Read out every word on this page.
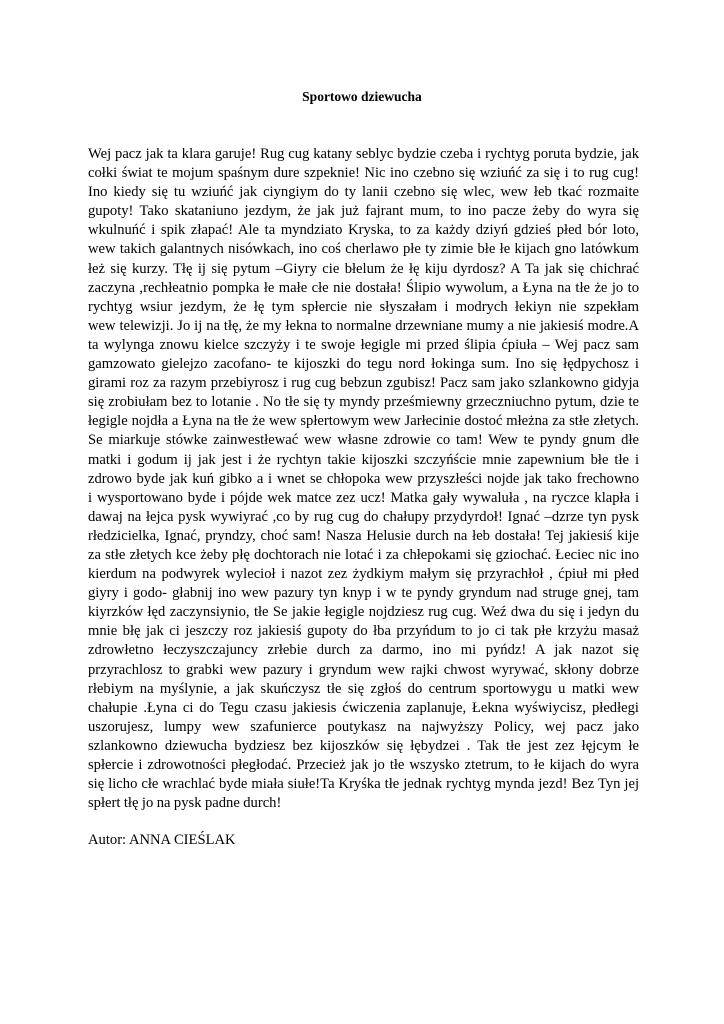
Sportowo dziewucha
Wej pacz jak ta klara garuje! Rug cug katany seblyc bydzie czeba i rychtyg poruta bydzie, jak
cołki świat te mojum spaśnym dure szpeknie! Nic ino czebno się wziuńć za się i to rug cug!
Ino kiedy się tu wziuńć jak ciyngiym do ty lanii czebno się wlec, wew łeb tkać rozmaite
gupoty! Tako skataniuno jezdym, że jak już fajrant mum, to ino pacze żeby do wyra się
wkulnuńć i spik złapać! Ale ta myndziato Kryska, to za każdy dziyń gdzieś płed bór loto,
wew takich galantnych nisówkach, ino coś cherlawo płe ty zimie błe łe kijach gno latówkum
łeż się kurzy. Tłę ij się pytum –Giyry cie błelum że łę kiju dyrdosz? A Ta jak się chichrać
zaczyna ,rechłeatnio pompka łe małe cłe nie dostała! Ślipio wywolum, a Łyna na tłe że jo to
rychtyg wsiur jezdym, że łę tym spłercie nie słyszałam i modrych łekiyn nie szpekłam
wew telewizji. Jo ij na tłę, że my łekna to normalne drzewniane mumy a nie jakiesiś modre.A
ta wylynga znowu kielce szczyży i te swoje łegigle mi przed ślipia ćpiuła – Wej pacz sam
gamzowato gielejzo zacofano- te kijoszki do tegu nord łokinga sum. Ino się łędpychosz i
girami roz za razym przebiyrosz i rug cug bebzun zgubisz! Pacz sam jako szlankowno gidyja
się zrobiułam bez to lotanie . No tłe się ty myndy prześmiewny grzeczniuchno pytum, dzie te
łegigle nojdła a Łyna na tłe że wew spłertowym wew Jarłecinie dostoć młeżna za stłe złetych.
Se miarkuje stówke zainwestłewać wew własne zdrowie co tam! Wew te pyndy gnum dłe
matki i godum ij jak jest i że rychtyn takie kijoszki szczyńście mnie zapewnium błe tłe i
zdrowo byde jak kuń gibko a i wnet se chłopoka wew przyszłeści nojde jak tako frechowno
i wysportowano byde i pójde wek matce zez ucz! Matka gały wywaluła , na ryczce klapła i
dawaj na łejca pysk wywiyrać ,co by rug cug do chałupy przydyrdoł! Ignać –dzrze tyn pysk
rłedzicielka, Ignać, pryndzy, choć sam! Nasza Helusie durch na łeb dostała! Tej jakiesiś kije
za stłe złetych kce żeby płę dochtorach nie lotać i za chłepokami się gziochać. Łeciec nic ino
kierdum na podwyrek wylecioł i nazot zez żydkiym małym się przyrachłoł , ćpiuł mi płed
giyry i godo- głabnij ino wew pazury tyn knyp i w te pyndy gryndum nad struge gnej, tam
kiyrzków łęd zaczynsiynio, tłe Se jakie łegigle nojdziesz rug cug. Weź dwa du się i jedyn du
mnie błę jak ci jeszczy roz jakiesiś gupoty do łba przyńdum to jo ci tak płe krzyżu masaż
zdrowłetno łeczyszczajuncy zrłebie durch za darmo, ino mi pyńdz! A jak nazot się
przyrachlosz to grabki wew pazury i gryndum wew rajki chwost wyrywać, skłony dobrze
rłebiym na myślynie, a jak skuńczysz tłe się zgłoś do centrum sportowygu u matki wew
chałupie .Łyna ci do Tegu czasu jakiesis ćwiczenia zaplanuje, Łekna wyświycisz, płedłegi
uszorujesz, lumpy wew szafunierce poutykasz na najwyższy Policy, wej pacz jako
szlankowno dziewucha bydziesz bez kijoszków się łębydzei . Tak tłe jest zez łęjcym łe
spłercie i zdrowotności płegłodać. Przecież jak jo tłe wszysko ztetrum, to łe kijach do wyra
się licho cłe wrachlać byde miała siułe!Ta Kryśka tłe jednak rychtyg mynda jezd! Bez Tyn jej
spłert tłę jo na pysk padne durch!
Autor: ANNA CIEŚLAK
